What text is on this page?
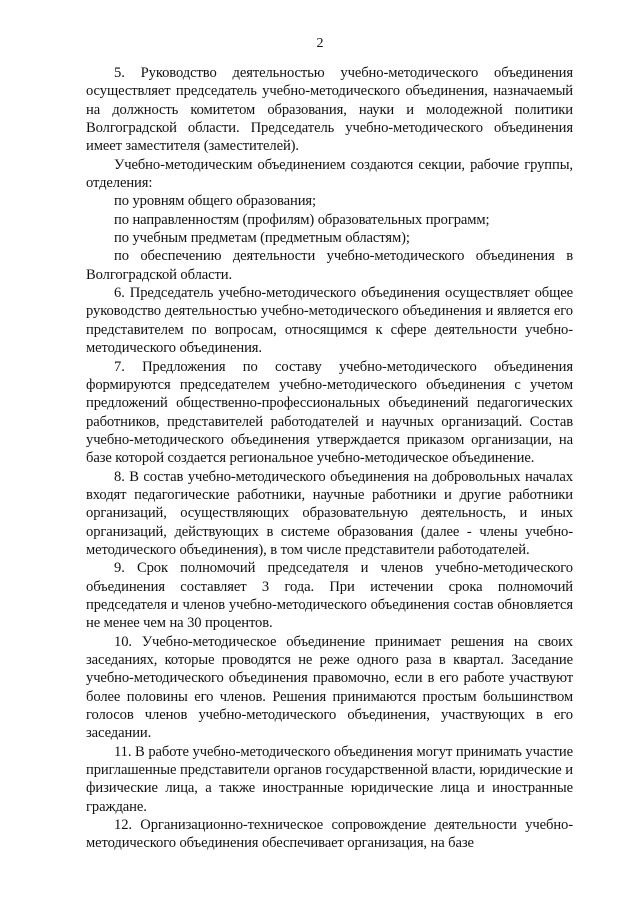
2

5. Руководство деятельностью учебно-методического объединения осуществляет председатель учебно-методического объединения, назначаемый на должность комитетом образования, науки и молодежной политики Волгоградской области. Председатель учебно-методического объединения имеет заместителя (заместителей).

Учебно-методическим объединением создаются секции, рабочие группы, отделения:

по уровням общего образования;

по направленностям (профилям) образовательных программ;

по учебным предметам (предметным областям);

по обеспечению деятельности учебно-методического объединения в Волгоградской области.

6. Председатель учебно-методического объединения осуществляет общее руководство деятельностью учебно-методического объединения и является его представителем по вопросам, относящимся к сфере деятельности учебно-методического объединения.

7. Предложения по составу учебно-методического объединения формируются председателем учебно-методического объединения с учетом предложений общественно-профессиональных объединений педагогических работников, представителей работодателей и научных организаций. Состав учебно-методического объединения утверждается приказом организации, на базе которой создается региональное учебно-методическое объединение.

8. В состав учебно-методического объединения на добровольных началах входят педагогические работники, научные работники и другие работники организаций, осуществляющих образовательную деятельность, и иных организаций, действующих в системе образования (далее - члены учебно-методического объединения), в том числе представители работодателей.

9. Срок полномочий председателя и членов учебно-методического объединения составляет 3 года. При истечении срока полномочий председателя и членов учебно-методического объединения состав обновляется не менее чем на 30 процентов.

10. Учебно-методическое объединение принимает решения на своих заседаниях, которые проводятся не реже одного раза в квартал. Заседание учебно-методического объединения правомочно, если в его работе участвуют более половины его членов. Решения принимаются простым большинством голосов членов учебно-методического объединения, участвующих в его заседании.

11. В работе учебно-методического объединения могут принимать участие приглашенные представители органов государственной власти, юридические и физические лица, а также иностранные юридические лица и иностранные граждане.

12. Организационно-техническое сопровождение деятельности учебно-методического объединения обеспечивает организация, на базе
